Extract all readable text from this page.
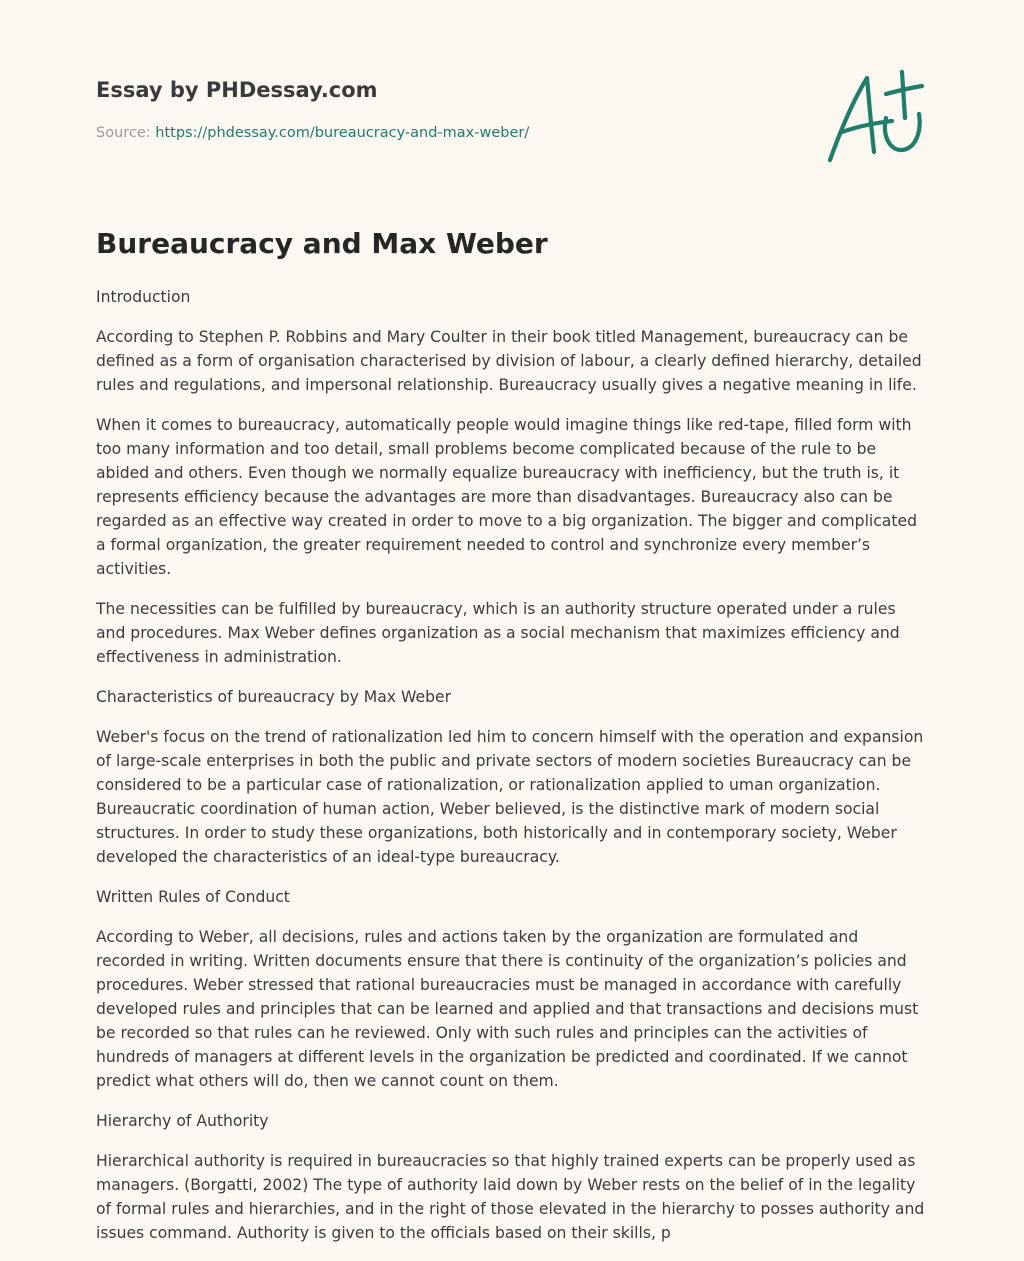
Essay by PHDessay.com
Source: https://phdessay.com/bureaucracy-and-max-weber/
Bureaucracy and Max Weber
Introduction

According to Stephen P. Robbins and Mary Coulter in their book titled Management, bureaucracy can be defined as a form of organisation characterised by division of labour, a clearly defined hierarchy, detailed rules and regulations, and impersonal relationship. Bureaucracy usually gives a negative meaning in life.

When it comes to bureaucracy, automatically people would imagine things like red-tape, filled form with too many information and too detail, small problems become complicated because of the rule to be abided and others. Even though we normally equalize bureaucracy with inefficiency, but the truth is, it represents efficiency because the advantages are more than disadvantages. Bureaucracy also can be regarded as an effective way created in order to move to a big organization. The bigger and complicated a formal organization, the greater requirement needed to control and synchronize every member’s activities.

The necessities can be fulfilled by bureaucracy, which is an authority structure operated under a rules and procedures. Max Weber defines organization as a social mechanism that maximizes efficiency and effectiveness in administration.

Characteristics of bureaucracy by Max Weber

Weber's focus on the trend of rationalization led him to concern himself with the operation and expansion of large-scale enterprises in both the public and private sectors of modern societies Bureaucracy can be considered to be a particular case of rationalization, or rationalization applied to uman organization. Bureaucratic coordination of human action, Weber believed, is the distinctive mark of modern social structures. In order to study these organizations, both historically and in contemporary society, Weber developed the characteristics of an ideal-type bureaucracy.

Written Rules of Conduct

According to Weber, all decisions, rules and actions taken by the organization are formulated and recorded in writing. Written documents ensure that there is continuity of the organization’s policies and procedures. Weber stressed that rational bureaucracies must be managed in accordance with carefully developed rules and principles that can be learned and applied and that transactions and decisions must be recorded so that rules can he reviewed. Only with such rules and principles can the activities of hundreds of managers at different levels in the organization be predicted and coordinated. If we cannot predict what others will do, then we cannot count on them.

Hierarchy of Authority

Hierarchical authority is required in bureaucracies so that highly trained experts can be properly used as managers. (Borgatti, 2002) The type of authority laid down by Weber rests on the belief of in the legality of formal rules and hierarchies, and in the right of those elevated in the hierarchy to posses authority and issues command. Authority is given to the officials based on their skills, p
